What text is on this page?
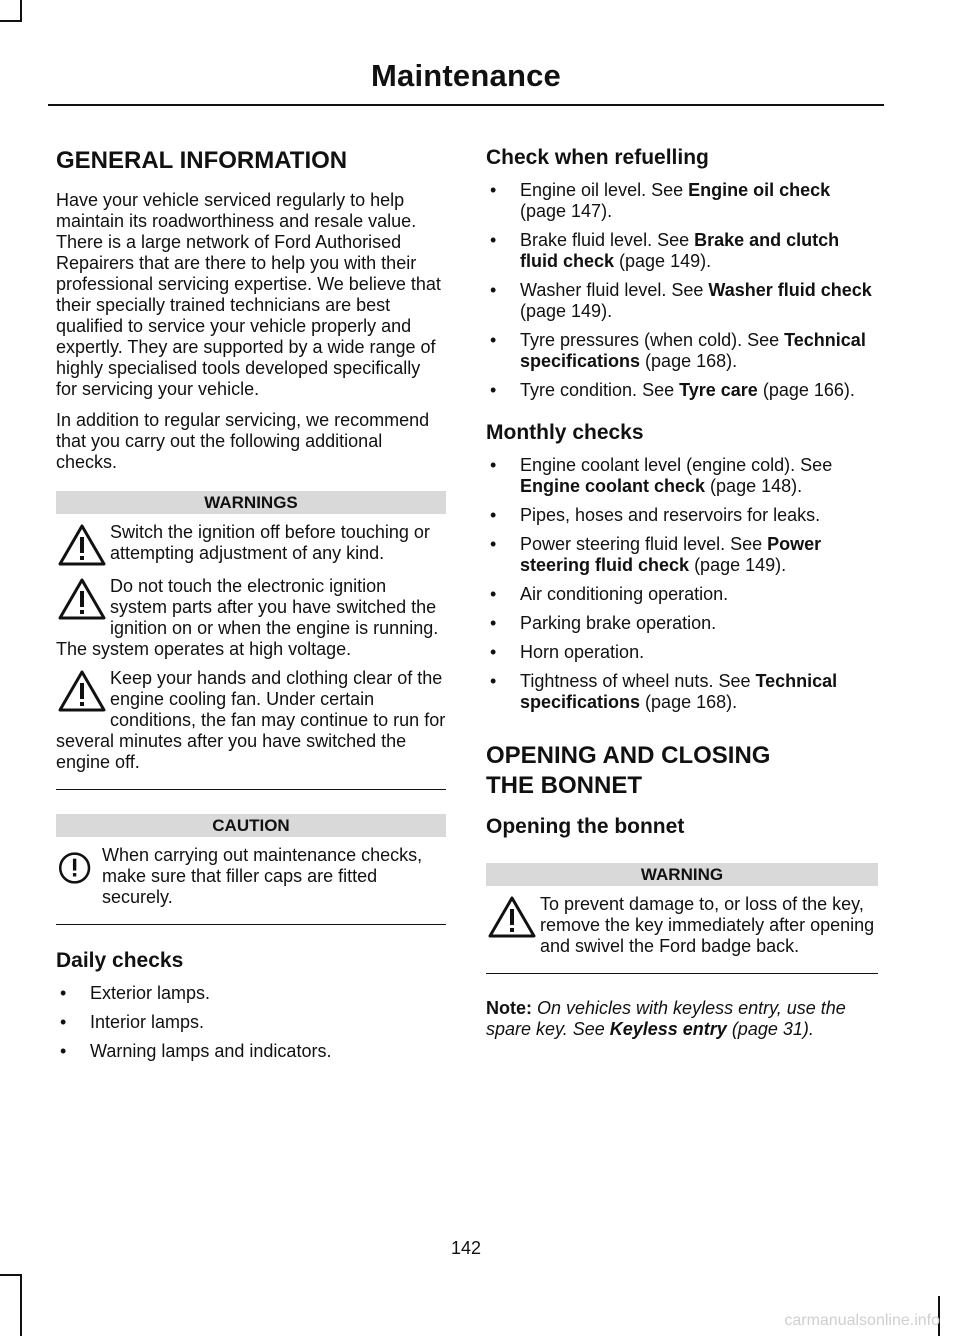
Maintenance
GENERAL INFORMATION

Have your vehicle serviced regularly to help maintain its roadworthiness and resale value. There is a large network of Ford Authorised Repairers that are there to help you with their professional servicing expertise. We believe that their specially trained technicians are best qualified to service your vehicle properly and expertly. They are supported by a wide range of highly specialised tools developed specifically for servicing your vehicle.

In addition to regular servicing, we recommend that you carry out the following additional checks.

WARNINGS
Switch the ignition off before touching or attempting adjustment of any kind.
Do not touch the electronic ignition system parts after you have switched the ignition on or when the engine is running. The system operates at high voltage.
Keep your hands and clothing clear of the engine cooling fan. Under certain conditions, the fan may continue to run for several minutes after you have switched the engine off.
CAUTION
When carrying out maintenance checks, make sure that filler caps are fitted securely.
Daily checks
• Exterior lamps.
• Interior lamps.
• Warning lamps and indicators.
Check when refuelling
• Engine oil level. See Engine oil check (page 147).
• Brake fluid level. See Brake and clutch fluid check (page 149).
• Washer fluid level. See Washer fluid check (page 149).
• Tyre pressures (when cold). See Technical specifications (page 168).
• Tyre condition. See Tyre care (page 166).
Monthly checks
• Engine coolant level (engine cold). See Engine coolant check (page 148).
• Pipes, hoses and reservoirs for leaks.
• Power steering fluid level. See Power steering fluid check (page 149).
• Air conditioning operation.
• Parking brake operation.
• Horn operation.
• Tightness of wheel nuts. See Technical specifications (page 168).
OPENING AND CLOSING
THE BONNET
Opening the bonnet
WARNING
To prevent damage to, or loss of the key, remove the key immediately after opening and swivel the Ford badge back.

Note: On vehicles with keyless entry, use the spare key. See Keyless entry (page 31).

142
carmanualsonline.info
